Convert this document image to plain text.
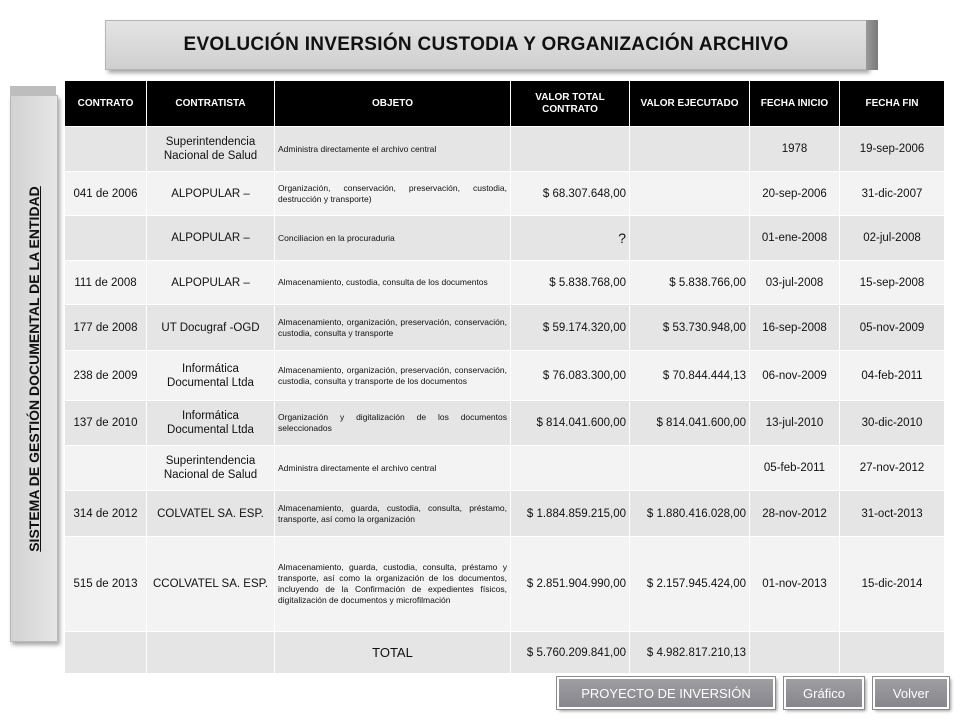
EVOLUCIÓN INVERSIÓN CUSTODIA Y ORGANIZACIÓN ARCHIVO
SISTEMA DE GESTIÓN DOCUMENTAL DE LA ENTIDAD
CONTRATO	CONTRATISTA	OBJETO	VALOR TOTAL CONTRATO	VALOR EJECUTADO	FECHA INICIO	FECHA FIN
	Superintendencia Nacional de Salud	Administra directamente el archivo central			1978	19-sep-2006
041 de 2006	ALPOPULAR –	Organización, conservación, preservación, custodia, destrucción y transporte)	$ 68.307.648,00		20-sep-2006	31-dic-2007
	ALPOPULAR –	Conciliacion en la procuraduria	?		01-ene-2008	02-jul-2008
111 de 2008	ALPOPULAR –	Almacenamiento, custodia, consulta de los documentos	$ 5.838.768,00	$ 5.838.766,00	03-jul-2008	15-sep-2008
177 de 2008	UT Docugraf -OGD	Almacenamiento, organización, preservación, conservación, custodia, consulta y transporte	$ 59.174.320,00	$ 53.730.948,00	16-sep-2008	05-nov-2009
238 de 2009	Informática Documental Ltda	Almacenamiento, organización, preservación, conservación, custodia, consulta y transporte de los documentos	$ 76.083.300,00	$ 70.844.444,13	06-nov-2009	04-feb-2011
137 de 2010	Informática Documental Ltda	Organización y digitalización de los documentos seleccionados	$ 814.041.600,00	$ 814.041.600,00	13-jul-2010	30-dic-2010
	Superintendencia Nacional de Salud	Administra directamente el archivo central			05-feb-2011	27-nov-2012
314 de 2012	COLVATEL SA. ESP.	Almacenamiento, guarda, custodia, consulta, préstamo, transporte, así como la organización	$ 1.884.859.215,00	$ 1.880.416.028,00	28-nov-2012	31-oct-2013
515 de 2013	CCOLVATEL SA. ESP.	Almacenamiento, guarda, custodia, consulta, préstamo y transporte, así como la organización de los documentos, incluyendo de la Confirmación de expedientes físicos, digitalización de documentos y microfilmación	$ 2.851.904.990,00	$ 2.157.945.424,00	01-nov-2013	15-dic-2014
		TOTAL	$ 5.760.209.841,00	$ 4.982.817.210,13		
PROYECTO DE INVERSIÓN	Gráfico	Volver
